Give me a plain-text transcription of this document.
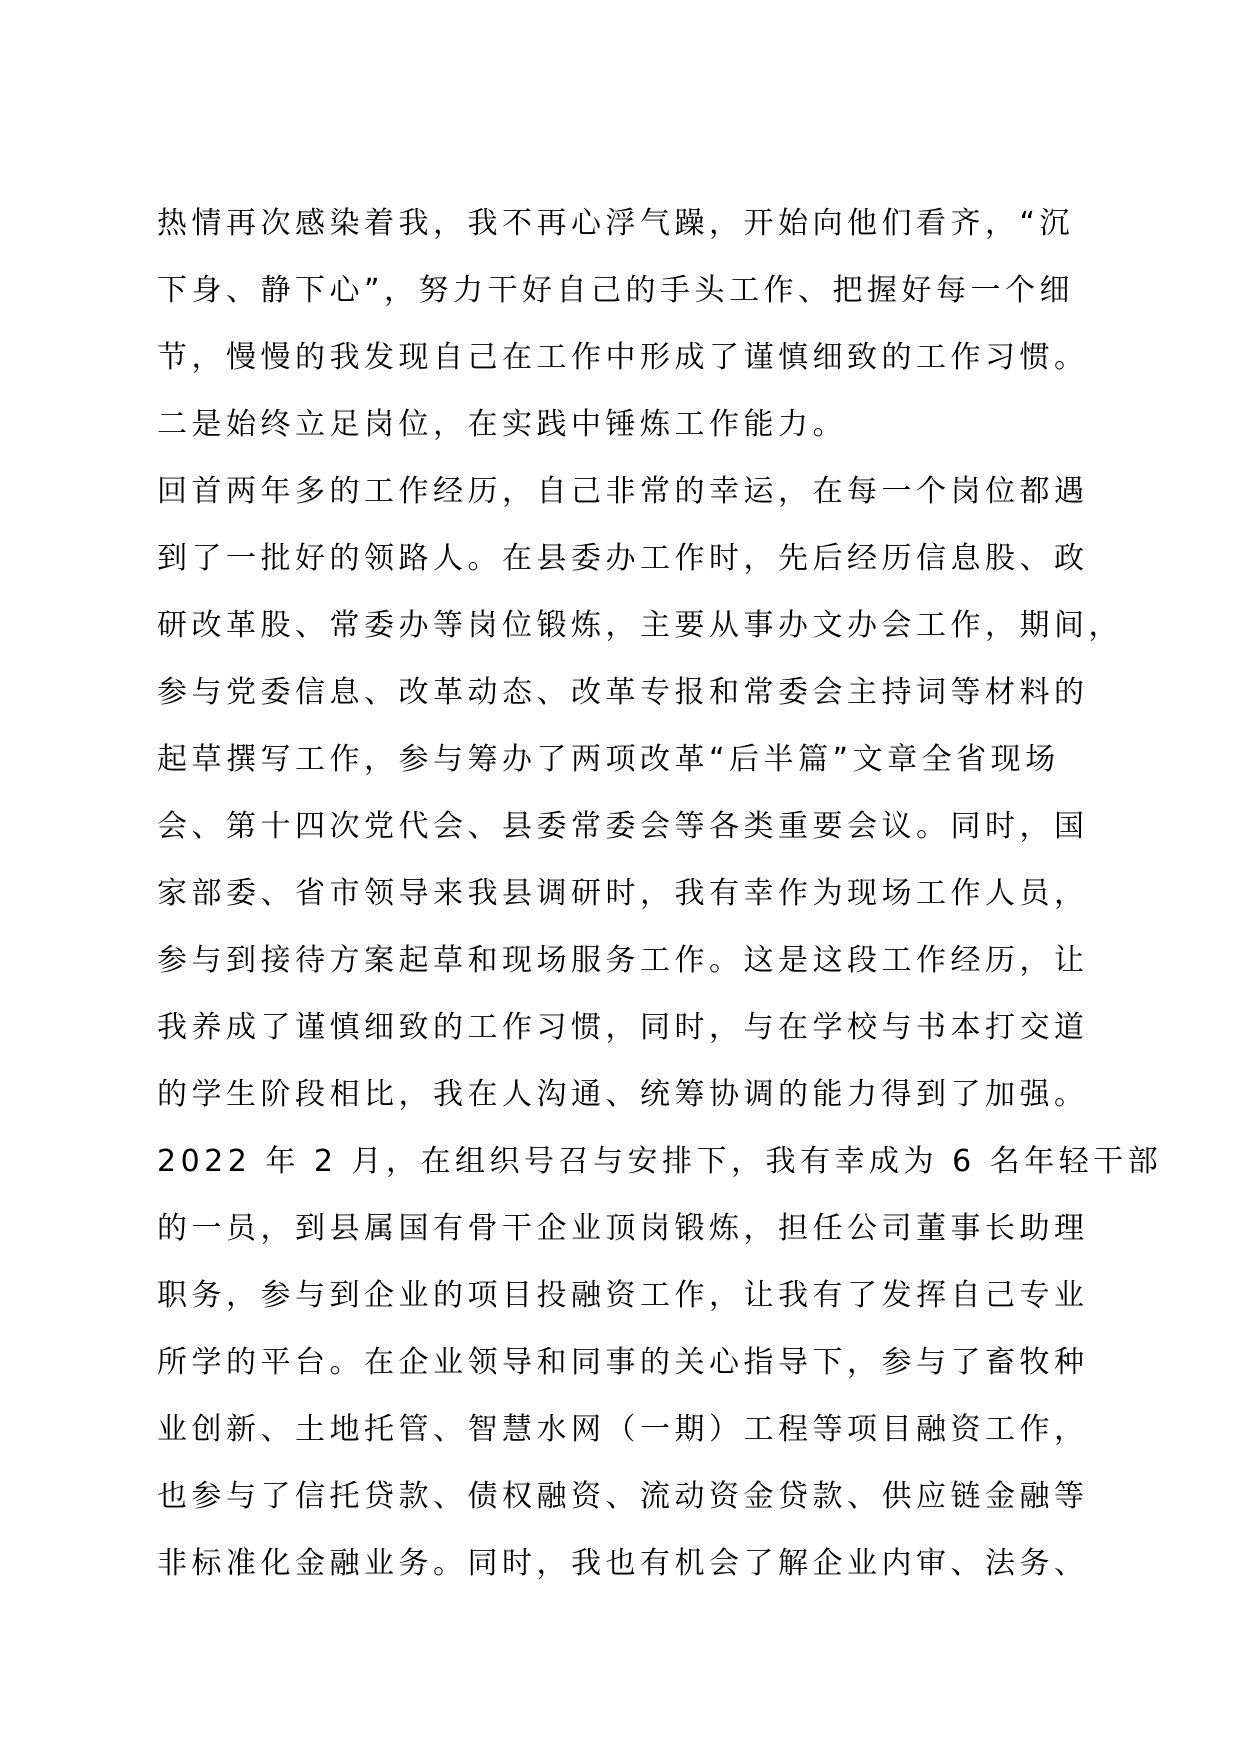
热情再次感染着我，我不再心浮气躁，开始向他们看齐，“沉
下身、静下心”，努力干好自己的手头工作、把握好每一个细
节，慢慢的我发现自己在工作中形成了谨慎细致的工作习惯。
二是始终立足岗位，在实践中锤炼工作能力。
回首两年多的工作经历，自己非常的幸运，在每一个岗位都遇
到了一批好的领路人。在县委办工作时，先后经历信息股、政
研改革股、常委办等岗位锻炼，主要从事办文办会工作，期间，
参与党委信息、改革动态、改革专报和常委会主持词等材料的
起草撰写工作，参与筹办了两项改革“后半篇”文章全省现场
会、第十四次党代会、县委常委会等各类重要会议。同时，国
家部委、省市领导来我县调研时，我有幸作为现场工作人员，
参与到接待方案起草和现场服务工作。这是这段工作经历，让
我养成了谨慎细致的工作习惯，同时，与在学校与书本打交道
的学生阶段相比，我在人沟通、统筹协调的能力得到了加强。
2022 年 2 月，在组织号召与安排下，我有幸成为 6 名年轻干部
的一员，到县属国有骨干企业顶岗锻炼，担任公司董事长助理
职务，参与到企业的项目投融资工作，让我有了发挥自己专业
所学的平台。在企业领导和同事的关心指导下，参与了畜牧种
业创新、土地托管、智慧水网（一期）工程等项目融资工作，
也参与了信托贷款、债权融资、流动资金贷款、供应链金融等
非标准化金融业务。同时，我也有机会了解企业内审、法务、
